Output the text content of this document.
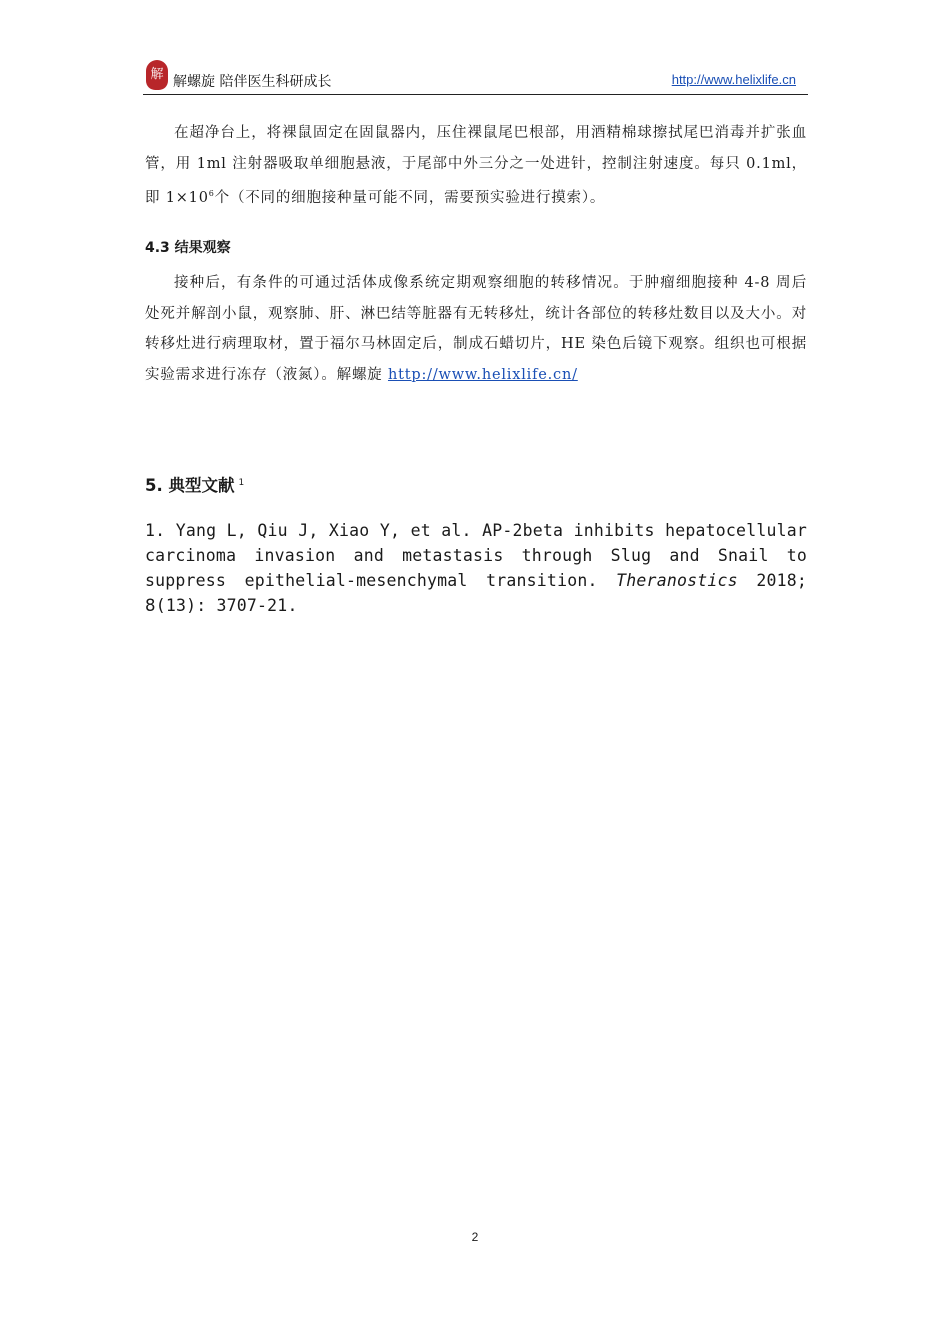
解 解螺旋 陪伴医生科研成长	http://www.helixlife.cn

在超净台上，将裸鼠固定在固鼠器内，压住裸鼠尾巴根部，用酒精棉球擦拭尾巴消毒并扩张血管，用 1ml 注射器吸取单细胞悬液，于尾部中外三分之一处进针，控制注射速度。每只 0.1ml，即 $1\times 10^6$个（不同的细胞接种量可能不同，需要预实验进行摸索）。

4.3 结果观察

接种后，有条件的可通过活体成像系统定期观察细胞的转移情况。于肿瘤细胞接种 4-8 周后处死并解剖小鼠，观察肺、肝、淋巴结等脏器有无转移灶，统计各部位的转移灶数目以及大小。对转移灶进行病理取材，置于福尔马林固定后，制成石蜡切片，HE 染色后镜下观察。组织也可根据实验需求进行冻存（液氮）。解螺旋 http://www.helixlife.cn/

5. 典型文献 $^1$

1. Yang L, Qiu J, Xiao Y, et al. AP-2beta inhibits hepatocellular carcinoma invasion and metastasis through Slug and Snail to suppress epithelial-mesenchymal transition. Theranostics 2018; 8(13): 3707-21.

2
